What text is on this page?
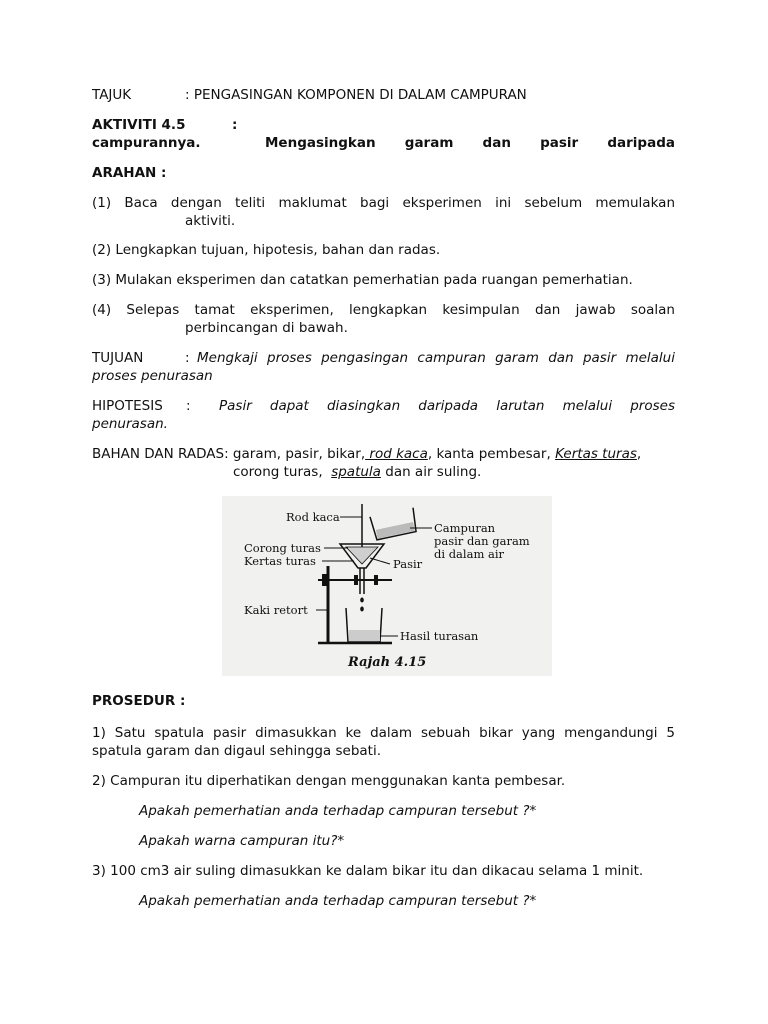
TAJUK	: PENGASINGAN KOMPONEN DI DALAM CAMPURAN
AKTIVITI 4.5	:
Mengasingkan garam dan pasir daripada
campurannya.
ARAHAN :
(1)  Baca  dengan  teliti  maklumat  bagi  eksperimen  ini  sebelum  memulakan
aktiviti.
(2) Lengkapkan tujuan, hipotesis, bahan dan radas.
(3) Mulakan eksperimen dan catatkan pemerhatian pada ruangan pemerhatian.
(4)  Selepas  tamat  eksperimen,  lengkapkan  kesimpulan  dan  jawab  soalan
perbincangan di bawah.
TUJUAN	: Mengkaji proses pengasingan campuran garam dan pasir melalui
proses penurasan
HIPOTESIS : Pasir  dapat  diasingkan  daripada  larutan  melalui  proses
penurasan.
BAHAN DAN RADAS: garam, pasir, bikar, rod kaca, kanta pembesar, Kertas turas,
corong turas,  spatula dan air suling.
PROSEDUR :
1)  Satu  spatula  pasir  dimasukkan  ke  dalam  sebuah  bikar  yang  mengandungi  5
spatula garam dan digaul sehingga sebati.
2) Campuran itu diperhatikan dengan menggunakan kanta pembesar.
Apakah pemerhatian anda terhadap campuran tersebut ?*
Apakah warna campuran itu?*
3) 100 cm3 air suling dimasukkan ke dalam bikar itu dan dikacau selama 1 minit.
Apakah pemerhatian anda terhadap campuran tersebut ?*
Rod kaca
Corong turas
Kertas turas
Kaki retort
Campuran
pasir dan garam
di dalam air
Pasir
Hasil turasan
Rajah 4.15
